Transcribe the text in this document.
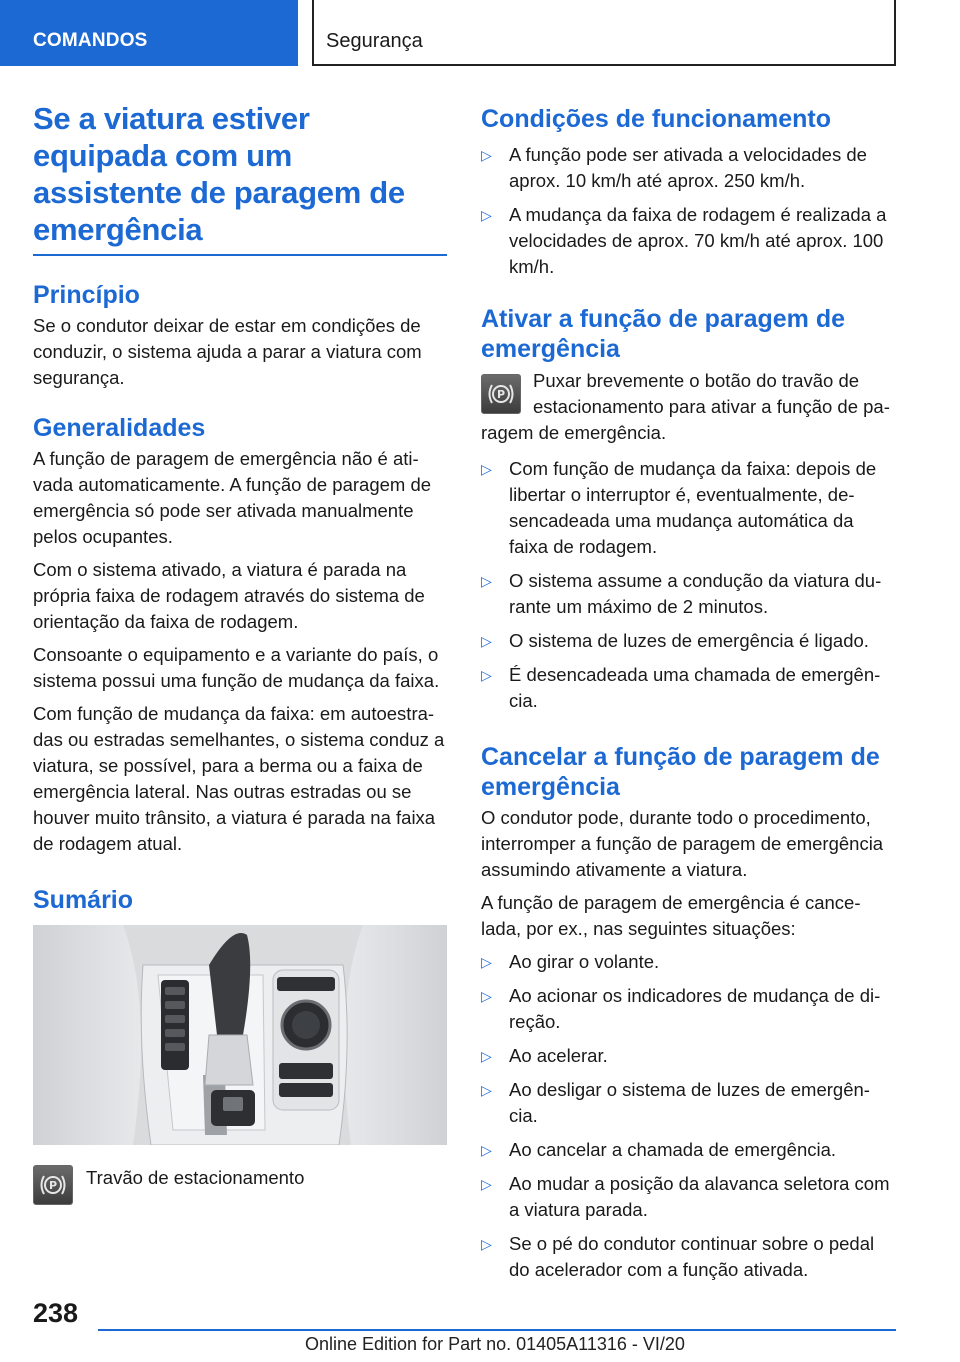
COMANDOS	Segurança
Se a viatura estiver equipada com um assistente de paragem de emergência
Princípio

Se o condutor deixar de estar em condições de conduzir, o sistema ajuda a parar a viatura com segurança.

Generalidades

A função de paragem de emergência não é ati-vada automaticamente. A função de paragem de emergência só pode ser ativada manualmente pelos ocupantes.

Com o sistema ativado, a viatura é parada na própria faixa de rodagem através do sistema de orientação da faixa de rodagem.

Consoante o equipamento e a variante do país, o sistema possui uma função de mudança da faixa.

Com função de mudança da faixa: em autoestra-das ou estradas semelhantes, o sistema conduz a viatura, se possível, para a berma ou a faixa de emergência lateral. Nas outras estradas ou se houver muito trânsito, a viatura é parada na faixa de rodagem atual.

Sumário
P Travão de estacionamento
Condições de funcionamento
▷ A função pode ser ativada a velocidades de aprox. 10 km/h até aprox. 250 km/h.
▷ A mudança da faixa de rodagem é realizada a velocidades de aprox. 70 km/h até aprox. 100 km/h.
Ativar a função de paragem de emergência

P
Puxar brevemente o botão do travão de estacionamento para ativar a função de pa-ragem de emergência.

▷ Com função de mudança da faixa: depois de libertar o interruptor é, eventualmente, de-sencadeada uma mudança automática da faixa de rodagem.
▷ O sistema assume a condução da viatura du-rante um máximo de 2 minutos.
▷ O sistema de luzes de emergência é ligado.
▷ É desencadeada uma chamada de emergên-cia.
Cancelar a função de paragem de emergência

O condutor pode, durante todo o procedimento, interromper a função de paragem de emergência assumindo ativamente a viatura.

A função de paragem de emergência é cance-lada, por ex., nas seguintes situações:

▷ Ao girar o volante.
▷ Ao acionar os indicadores de mudança de di-reção.
▷ Ao acelerar.
▷ Ao desligar o sistema de luzes de emergên-cia.
▷ Ao cancelar a chamada de emergência.
▷ Ao mudar a posição da alavanca seletora com a viatura parada.
▷ Se o pé do condutor continuar sobre o pedal do acelerador com a função ativada.
238
Online Edition for Part no. 01405A11316 - VI/20
